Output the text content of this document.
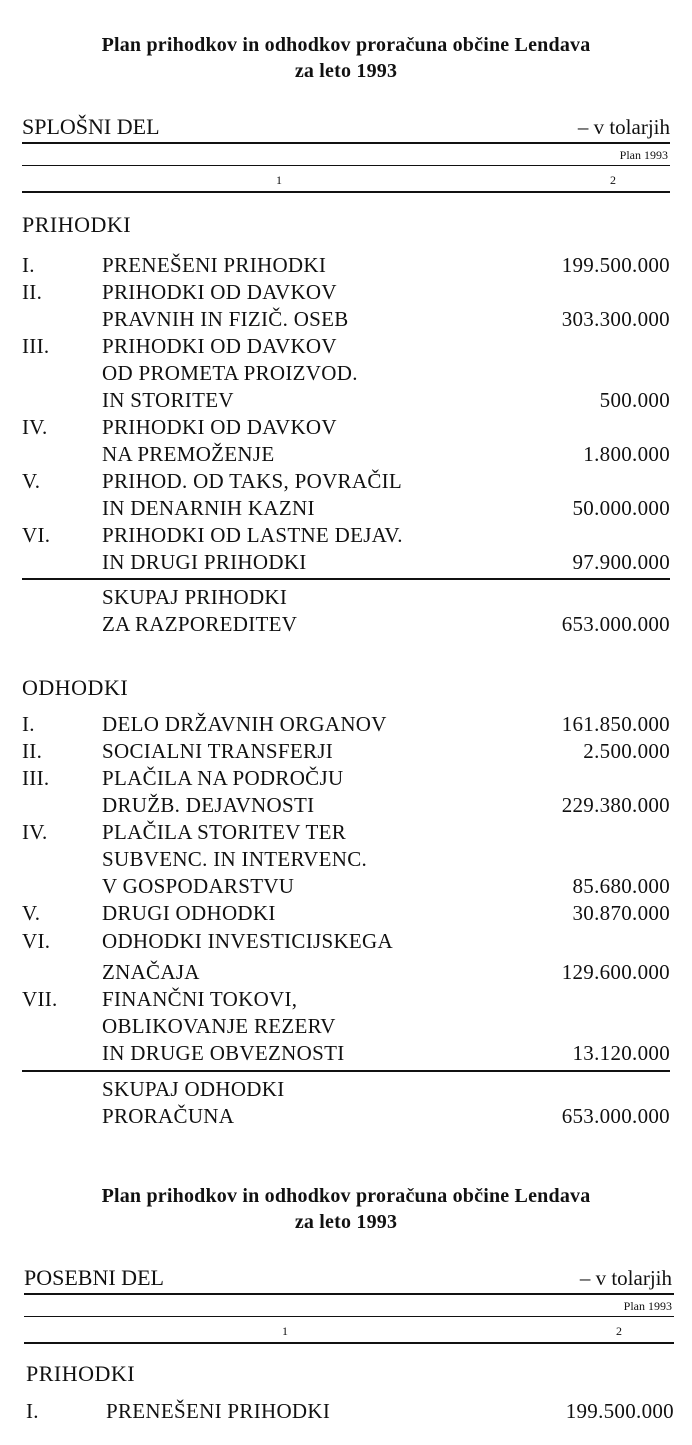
Plan prihodkov in odhodkov proračuna občine Lendava
za leto 1993
SPLOŠNI DEL	– v tolarjih
Plan 1993
1	2
PRIHODKI
I.	PRENEŠENI PRIHODKI	199.500.000
II.	PRIHODKI OD DAVKOV
PRAVNIH IN FIZIČ. OSEB	303.300.000
III.	PRIHODKI OD DAVKOV
OD PROMETA PROIZVOD.
IN STORITEV	500.000
IV.	PRIHODKI OD DAVKOV
NA PREMOŽENJE	1.800.000
V.	PRIHOD. OD TAKS, POVRAČIL
IN DENARNIH KAZNI	50.000.000
VI. PRIHODKI OD LASTNE DEJAV.
IN DRUGI PRIHODKI	97.900.000
SKUPAJ PRIHODKI
ZA RAZPOREDITEV	653.000.000
ODHODKI
I.	DELO DRŽAVNIH ORGANOV	161.850.000
II.	SOCIALNI TRANSFERJI	2.500.000
III.	PLAČILA NA PODROČJU
DRUŽB. DEJAVNOSTI	229.380.000
IV.	PLAČILA STORITEV TER
SUBVENC. IN INTERVENC.
V GOSPODARSTVU	85.680.000
V.	DRUGI ODHODKI	30.870.000
VI. ODHODKI INVESTICIJSKEGA
ZNAČAJA	129.600.000
VII. FINANČNI TOKOVI,
OBLIKOVANJE REZERV
IN DRUGE OBVEZNOSTI	13.120.000
SKUPAJ ODHODKI
PRORAČUNA	653.000.000
Plan prihodkov in odhodkov proračuna občine Lendava
za leto 1993
POSEBNI DEL	– v tolarjih
Plan 1993
1	2
PRIHODKI
I.	PRENEŠENI PRIHODKI	199.500.000
